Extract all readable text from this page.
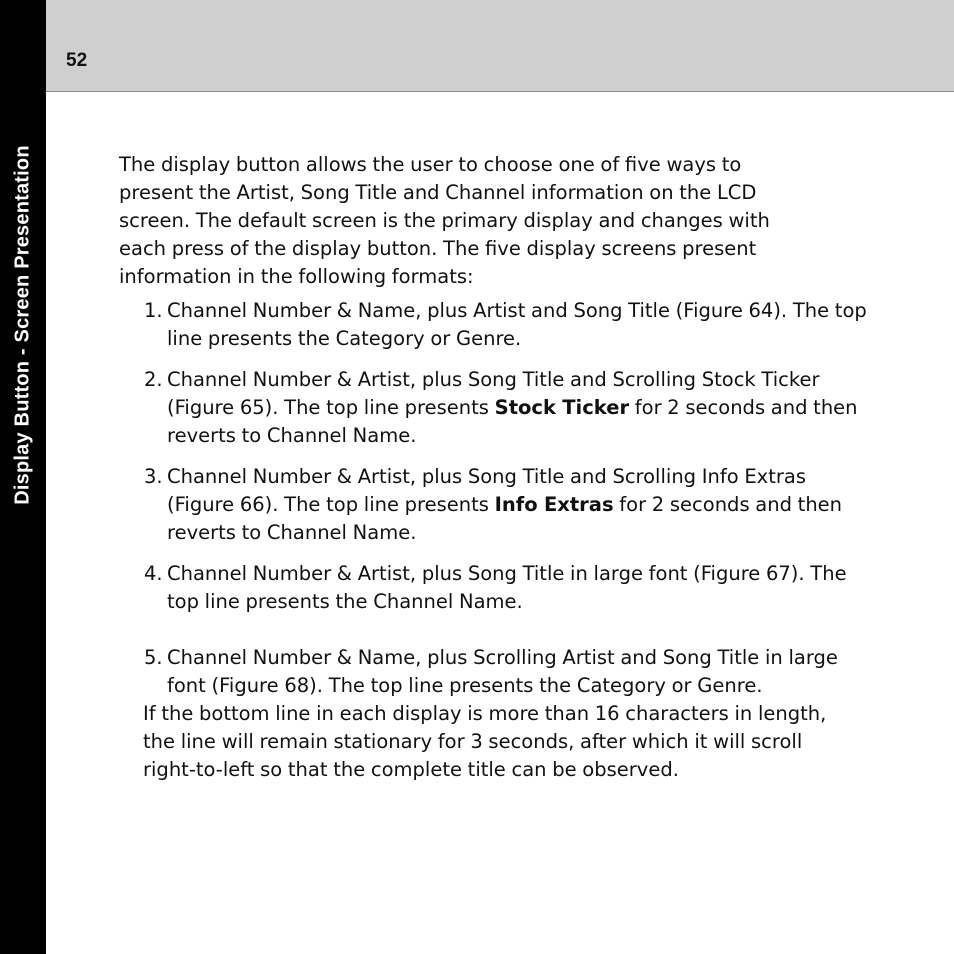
Display Button - Screen Presentation
52

The display button allows the user to choose one of five ways to present the Artist, Song Title and Channel information on the LCD screen. The default screen is the primary display and changes with each press of the display button. The five display screens present information in the following formats:

1. Channel Number & Name, plus Artist and Song Title (Figure 64). The top line presents the Category or Genre.
2. Channel Number & Artist, plus Song Title and Scrolling Stock Ticker (Figure 65). The top line presents Stock Ticker for 2 seconds and then reverts to Channel Name.
3. Channel Number & Artist, plus Song Title and Scrolling Info Extras (Figure 66). The top line presents Info Extras for 2 seconds and then reverts to Channel Name.
4. Channel Number & Artist, plus Song Title in large font (Figure 67). The top line presents the Channel Name.
5. Channel Number & Name, plus Scrolling Artist and Song Title in large font (Figure 68). The top line presents the Category or Genre.

If the bottom line in each display is more than 16 characters in length, the line will remain stationary for 3 seconds, after which it will scroll right-to-left so that the complete title can be observed.
